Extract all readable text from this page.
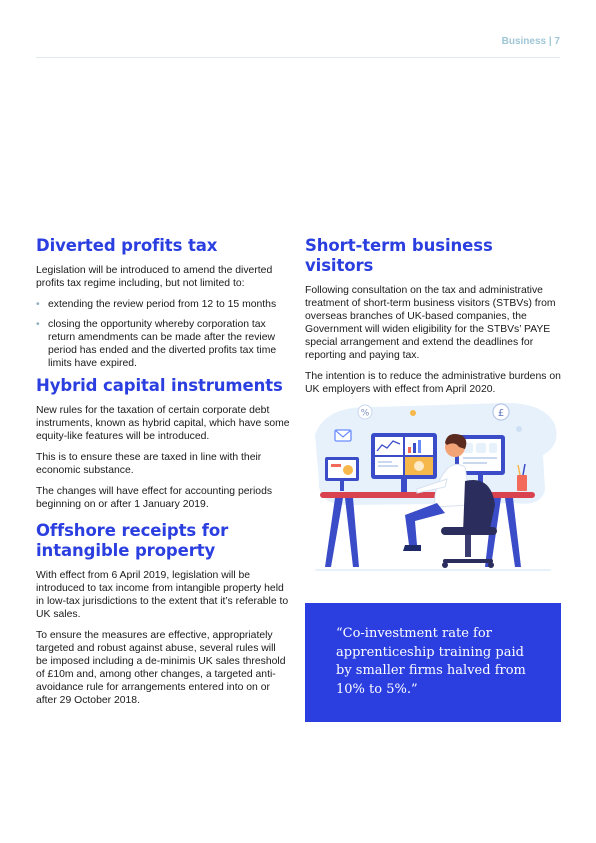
Business | 7
Diverted profits tax

Legislation will be introduced to amend the diverted profits tax regime including, but not limited to:

• extending the review period from 12 to 15 months
• closing the opportunity whereby corporation tax return amendments can be made after the review period has ended and the diverted profits tax time limits have expired.
Hybrid capital instruments

New rules for the taxation of certain corporate debt instruments, known as hybrid capital, which have some equity-like features will be introduced.

This is to ensure these are taxed in line with their economic substance.

The changes will have effect for accounting periods beginning on or after 1 January 2019.

Offshore receipts for intangible property

With effect from 6 April 2019, legislation will be introduced to tax income from intangible property held in low-tax jurisdictions to the extent that it’s referable to UK sales.

To ensure the measures are effective, appropriately targeted and robust against abuse, several rules will be imposed including a de-minimis UK sales threshold of £10m and, among other changes, a targeted anti-avoidance rule for arrangements entered into on or after 29 October 2018.

Short-term business visitors

Following consultation on the tax and administrative treatment of short-term business visitors (STBVs) from overseas branches of UK-based companies, the Government will widen eligibility for the STBVs’ PAYE special arrangement and extend the deadlines for reporting and paying tax.

The intention is to reduce the administrative burdens on UK employers with effect from April 2020.

%	£
“Co-investment rate for apprenticeship training paid by smaller firms halved from 10% to 5%.”
